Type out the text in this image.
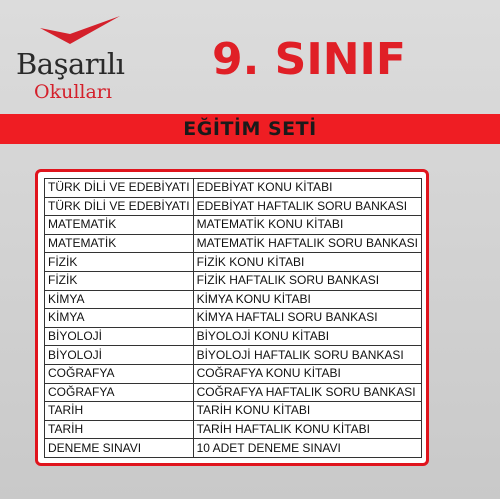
Başarılı
Okulları
9. SINIF
EĞİTİM SETİ
TÜRK DİLİ VE EDEBİYATI	EDEBİYAT KONU KİTABI
TÜRK DİLİ VE EDEBİYATI	EDEBİYAT HAFTALIK SORU BANKASI
MATEMATİK	MATEMATİK KONU KİTABI
MATEMATİK	MATEMATİK HAFTALIK SORU BANKASI
FİZİK	FİZİK KONU KİTABI
FİZİK	FİZİK HAFTALIK SORU BANKASI
KİMYA	KİMYA KONU KİTABI
KİMYA	KİMYA HAFTALI SORU BANKASI
BİYOLOJİ	BİYOLOJİ KONU KİTABI
BİYOLOJİ	BİYOLOJİ HAFTALIK SORU BANKASI
COĞRAFYA	COĞRAFYA KONU KİTABI
COĞRAFYA	COĞRAFYA HAFTALIK SORU BANKASI
TARİH	TARİH KONU KİTABI
TARİH	TARİH HAFTALIK KONU KİTABI
DENEME SINAVI	10 ADET DENEME SINAVI
